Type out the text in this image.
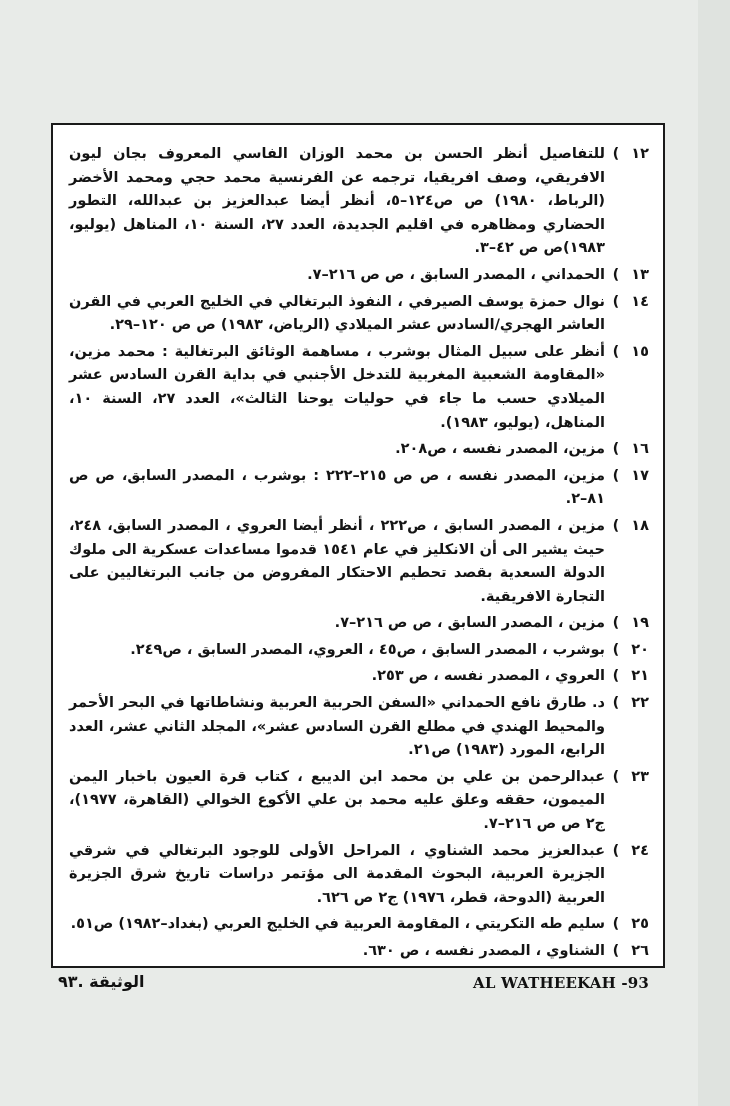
١٢)
للتفاصيل أنظر الحسن بن محمد الوزان الفاسي المعروف بجان ليون الافريقي، وصف افريقيا، ترجمه عن الفرنسية محمد حجي ومحمد الأخضر (الرباط، ١٩٨٠) ص ص١٢٤–٥، أنظر أيضا عبدالعزيز بن عبدالله، التطور الحضاري ومظاهره في اقليم الجديدة، العدد ٢٧، السنة ١٠، المناهل (يوليو، ١٩٨٣)ص ص ٤٢–٣.
١٣)
الحمداني ، المصدر السابق ، ص ص ٢١٦–٧.
١٤)
نوال حمزة يوسف الصيرفي ، النفوذ البرتغالي في الخليج العربي في القرن العاشر الهجري/السادس عشر الميلادي (الرياض، ١٩٨٣) ص ص ١٢٠–٢٩.
١٥)
أنظر على سبيل المثال بوشرب ، مساهمة الوثائق البرتغالية : محمد مزين، «المقاومة الشعبية المغربية للتدخل الأجنبي في بداية القرن السادس عشر الميلادي حسب ما جاء في حوليات يوحنا الثالث»، العدد ٢٧، السنة ١٠، المناهل، (يوليو، ١٩٨٣).
١٦)
مزين، المصدر نفسه ، ص٢٠٨.
١٧)
مزين، المصدر نفسه ، ص ص ٢١٥–٢٢٢ : بوشرب ، المصدر السابق، ص ص ٨١–٢.
١٨)
مزين ، المصدر السابق ، ص٢٢٢ ، أنظر أيضا العروي ، المصدر السابق، ٢٤٨، حيث يشير الى أن الانكليز في عام ١٥٤١ قدموا مساعدات عسكرية الى ملوك الدولة السعدية بقصد تحطيم الاحتكار المفروض من جانب البرتغاليين على التجارة الافريقية.
١٩)
مزين ، المصدر السابق ، ص ص ٢١٦–٧.
٢٠)
بوشرب ، المصدر السابق ، ص٤٥ ، العروي، المصدر السابق ، ص٢٤٩.
٢١)
العروي ، المصدر نفسه ، ص ٢٥٣.
٢٢)
د. طارق نافع الحمداني «السفن الحربية العربية ونشاطاتها في البحر الأحمر والمحيط الهندي في مطلع القرن السادس عشر»، المجلد الثاني عشر، العدد الرابع، المورد (١٩٨٣) ص٢١.
٢٣)
عبدالرحمن بن علي بن محمد ابن الديبع ، كتاب قرة العيون باخبار اليمن الميمون، حققه وعلق عليه محمد بن علي الأكوع الخوالي (القاهرة، ١٩٧٧)، ج٢ ص ص ٢١٦–٧.
٢٤)
عبدالعزيز محمد الشناوي ، المراحل الأولى للوجود البرتغالي في شرقي الجزيرة العربية، البحوث المقدمة الى مؤتمر دراسات تاريخ شرق الجزيرة العربية (الدوحة، قطر، ١٩٧٦) ج٢ ص ٦٢٦.
٢٥)
سليم طه التكريتي ، المقاومة العربية في الخليج العربي (بغداد–١٩٨٢) ص٥١.
٢٦)
الشناوي ، المصدر نفسه ، ص ٦٣٠.
الوثيقة .٩٣	AL WATHEEKAH -93
